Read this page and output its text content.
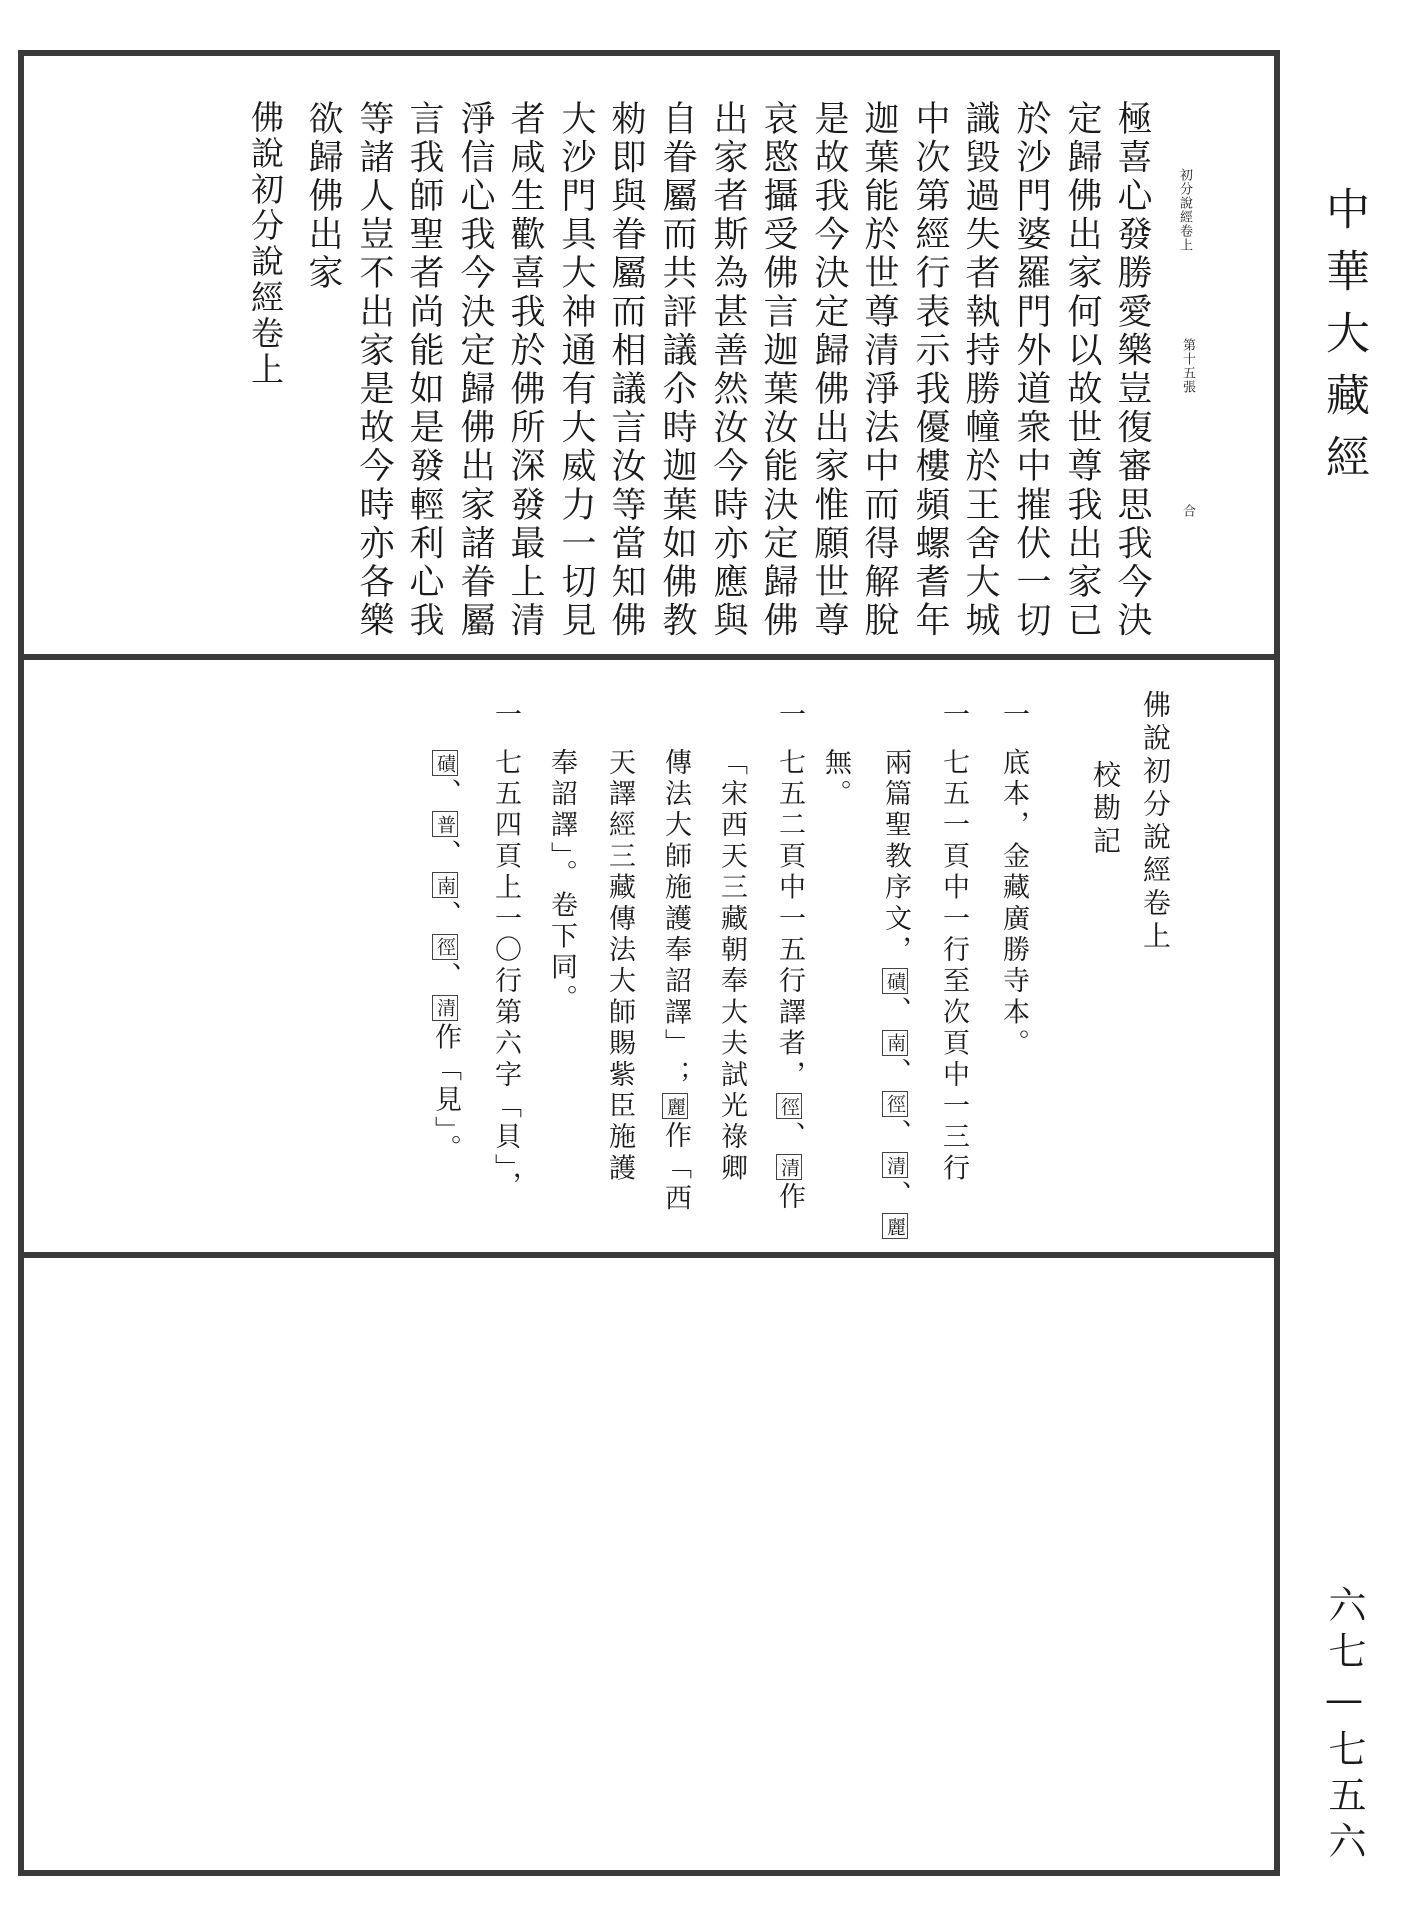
初分說經卷上
第十五張
合
極喜心發勝愛樂豈復審思我今決
定歸佛出家何以故世尊我出家已
於沙門婆羅門外道衆中摧伏一切
識毀過失者執持勝幢於王舍大城
中次第經行表示我優樓頻螺耆年
迦葉能於世尊清淨法中而得解脫
是故我今決定歸佛出家惟願世尊
哀愍攝受佛言迦葉汝能決定歸佛
出家者斯為甚善然汝今時亦應與
自眷屬而共評議尒時迦葉如佛教
勑即與眷屬而相議言汝等當知佛
大沙門具大神通有大威力一切見
者咸生歡喜我於佛所深發最上清
淨信心我今決定歸佛出家諸眷屬
言我師聖者尚能如是發輕利心我
等諸人豈不出家是故今時亦各樂
欲歸佛出家
佛說初分說經卷上
佛說初分說經卷上
校勘記
一
底本，金藏廣勝寺本。
一
七五一頁中一行至次頁中一三行
兩篇聖教序文，磧、南、徑、清、麗
無。
一
七五二頁中一五行譯者，徑、清作
「宋西天三藏朝奉大夫試光祿卿
傳法大師施護奉詔譯」；麗作「西
天譯經三藏傳法大師賜紫臣施護
奉詔譯」。卷下同。
一
七五四頁上一〇行第六字「貝」，
磧、普、南、徑、清作「見」。
中華大藏經
六七—七五六
